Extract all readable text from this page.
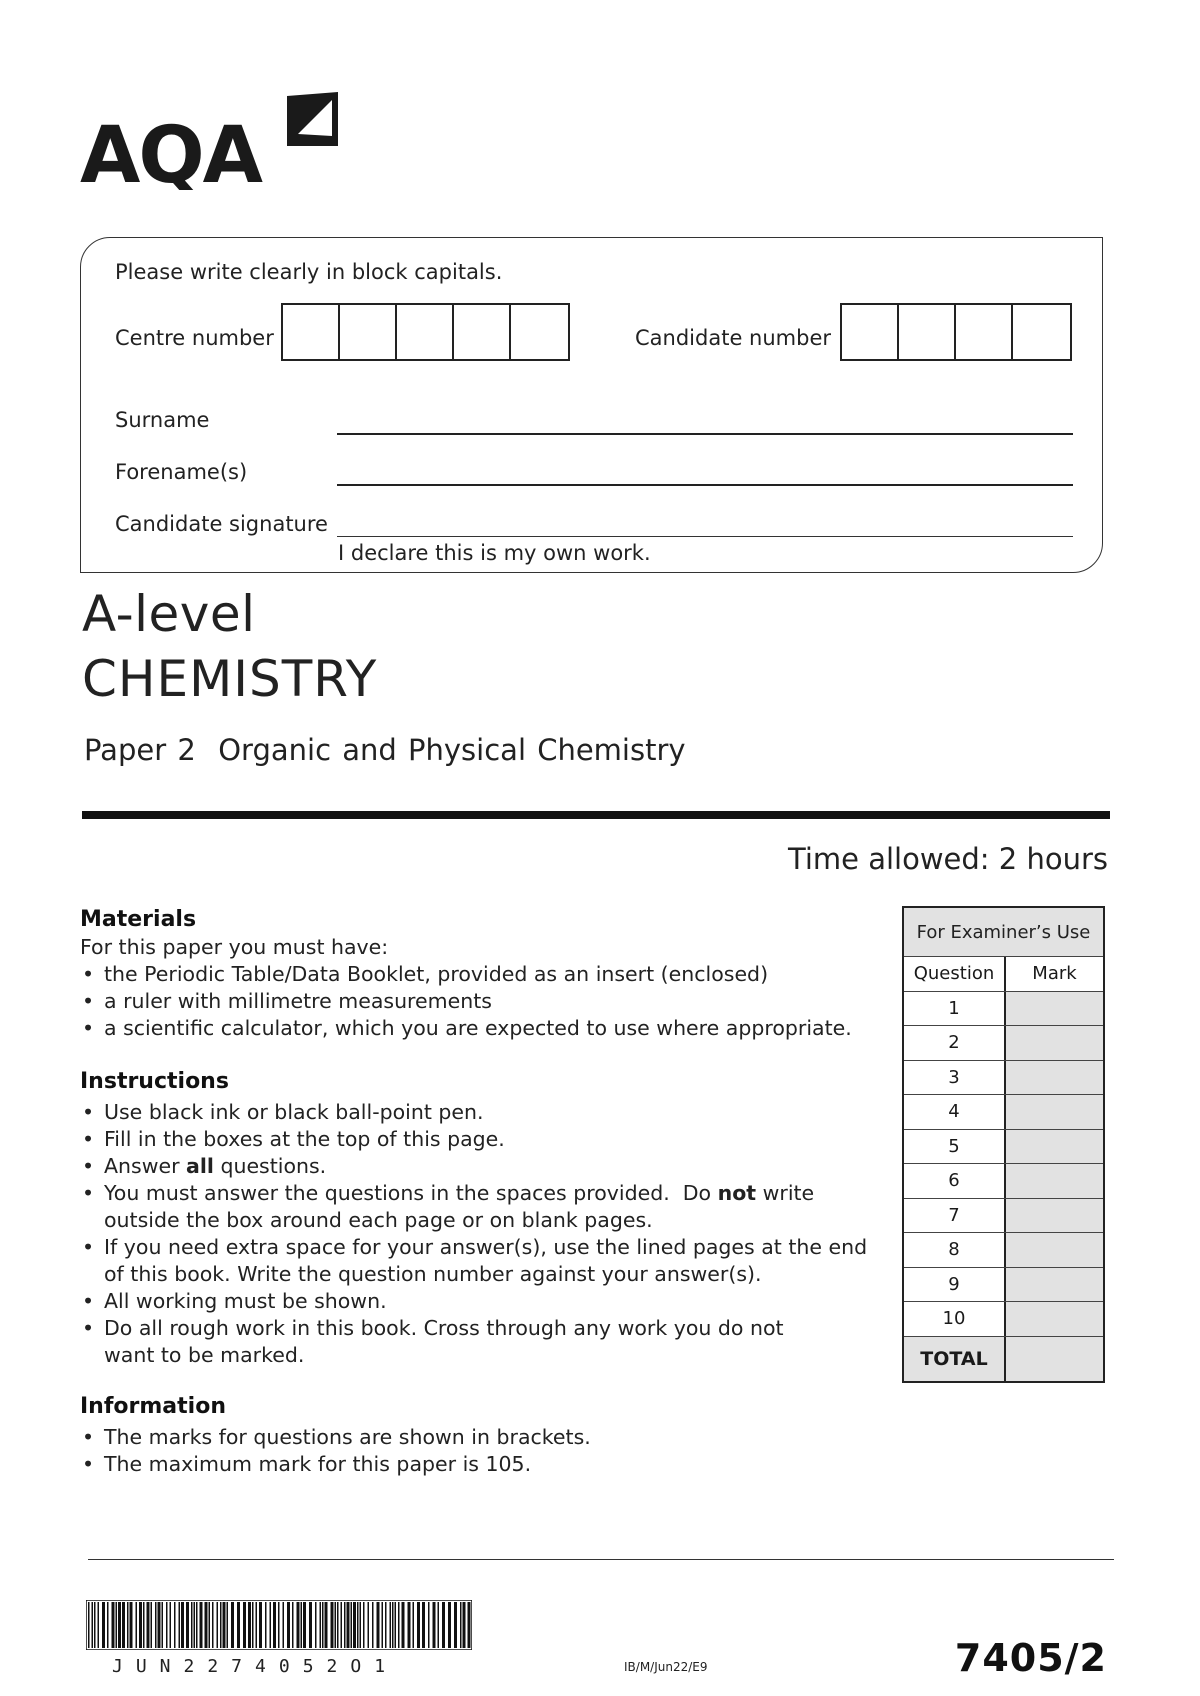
AQA
Please write clearly in block capitals.
Centre number	Candidate number
Surname
Forename(s)
Candidate signature
I declare this is my own work.
A-level
CHEMISTRY
Paper 2  Organic and Physical Chemistry
Time allowed: 2 hours
Materials
For this paper you must have:
• the Periodic Table/Data Booklet, provided as an insert (enclosed)
• a ruler with millimetre measurements
• a scientific calculator, which you are expected to use where appropriate.
Instructions
• Use black ink or black ball-point pen.
• Fill in the boxes at the top of this page.
• Answer all questions.
• You must answer the questions in the spaces provided.  Do not write outside the box around each page or on blank pages.
• If you need extra space for your answer(s), use the lined pages at the end of this book. Write the question number against your answer(s).
• All working must be shown.
• Do all rough work in this book. Cross through any work you do not want to be marked.
Information
• The marks for questions are shown in brackets.
• The maximum mark for this paper is 105.
For Examiner’s Use
Question	Mark
1
2
3
4
5
6
7
8
9
10
TOTAL
JUN2274052O1	IB/M/Jun22/E9	7405/2
